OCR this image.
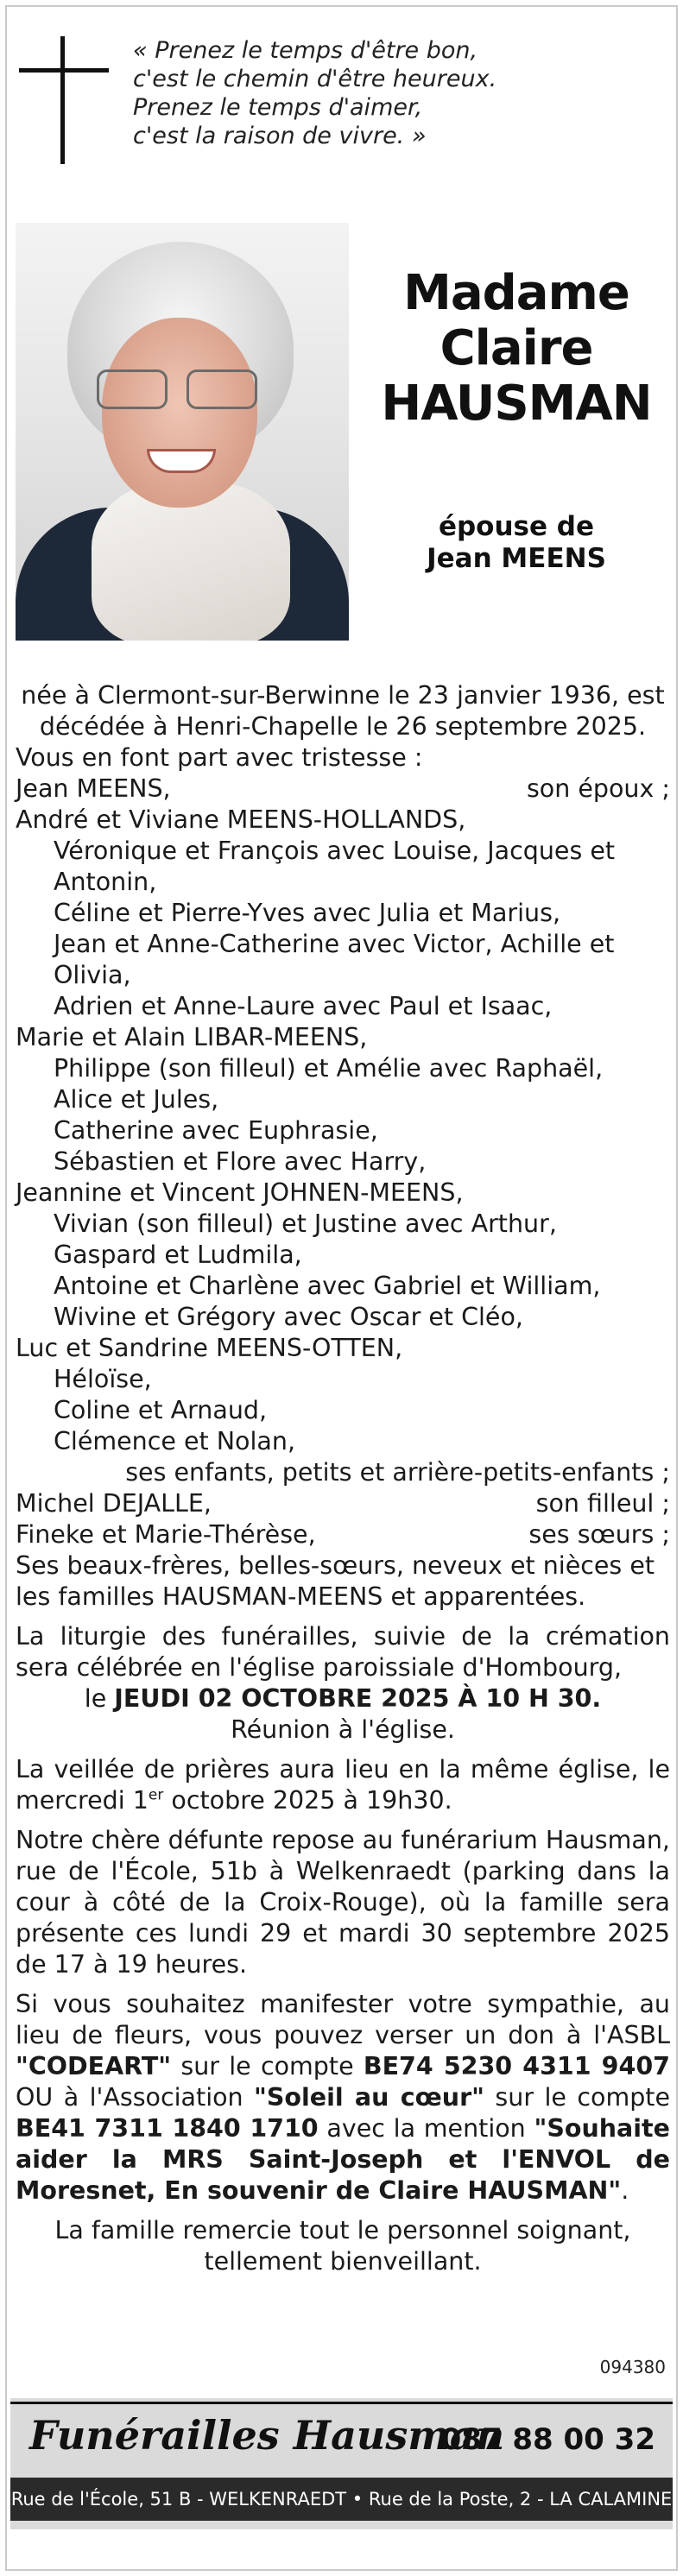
« Prenez le temps d'être bon,
c'est le chemin d'être heureux.
Prenez le temps d'aimer,
c'est la raison de vivre. »
Madame
Claire
HAUSMAN
épouse de
Jean MEENS

née à Clermont-sur-Berwinne le 23 janvier 1936, est décédée à Henri-Chapelle le 26 septembre 2025.

Vous en font part avec tristesse :

Jean MEENS,	son époux ;

André et Viviane MEENS-HOLLANDS,

Véronique et François avec Louise, Jacques et

Antonin,

Céline et Pierre-Yves avec Julia et Marius,

Jean et Anne-Catherine avec Victor, Achille et

Olivia,

Adrien et Anne-Laure avec Paul et Isaac,

Marie et Alain LIBAR-MEENS,

Philippe (son filleul) et Amélie avec Raphaël,

Alice et Jules,

Catherine avec Euphrasie,

Sébastien et Flore avec Harry,

Jeannine et Vincent JOHNEN-MEENS,

Vivian (son filleul) et Justine avec Arthur,

Gaspard et Ludmila,

Antoine et Charlène avec Gabriel et William,

Wivine et Grégory avec Oscar et Cléo,

Luc et Sandrine MEENS-OTTEN,

Héloïse,

Coline et Arnaud,

Clémence et Nolan,

ses enfants, petits et arrière-petits-enfants ;

Michel DEJALLE,	son filleul ;
Fineke et Marie-Thérèse,	ses sœurs ;

Ses beaux-frères, belles-sœurs, neveux et nièces et les familles HAUSMAN-MEENS et apparentées.

La liturgie des funérailles, suivie de la crémation sera célébrée en l'église paroissiale d'Hombourg,

le JEUDI 02 OCTOBRE 2025 À 10 H 30.

Réunion à l'église.

La veillée de prières aura lieu en la même église, le mercredi 1er octobre 2025 à 19h30.

Notre chère défunte repose au funérarium Hausman, rue de l'École, 51b à Welkenraedt (parking dans la cour à côté de la Croix-Rouge), où la famille sera présente ces lundi 29 et mardi 30 septembre 2025 de 17 à 19 heures.

Si vous souhaitez manifester votre sympathie, au lieu de fleurs, vous pouvez verser un don à l'ASBL "CODEART" sur le compte BE74 5230 4311 9407 OU à l'Association "Soleil au cœur" sur le compte BE41 7311 1840 1710 avec la mention "Souhaite aider la MRS Saint-Joseph et l'ENVOL de Moresnet, En souvenir de Claire HAUSMAN".

La famille remercie tout le personnel soignant,

tellement bienveillant.

094380
Funérailles Hausman
087 88 00 32
Rue de l'École, 51 B - WELKENRAEDT • Rue de la Poste, 2 - LA CALAMINE
